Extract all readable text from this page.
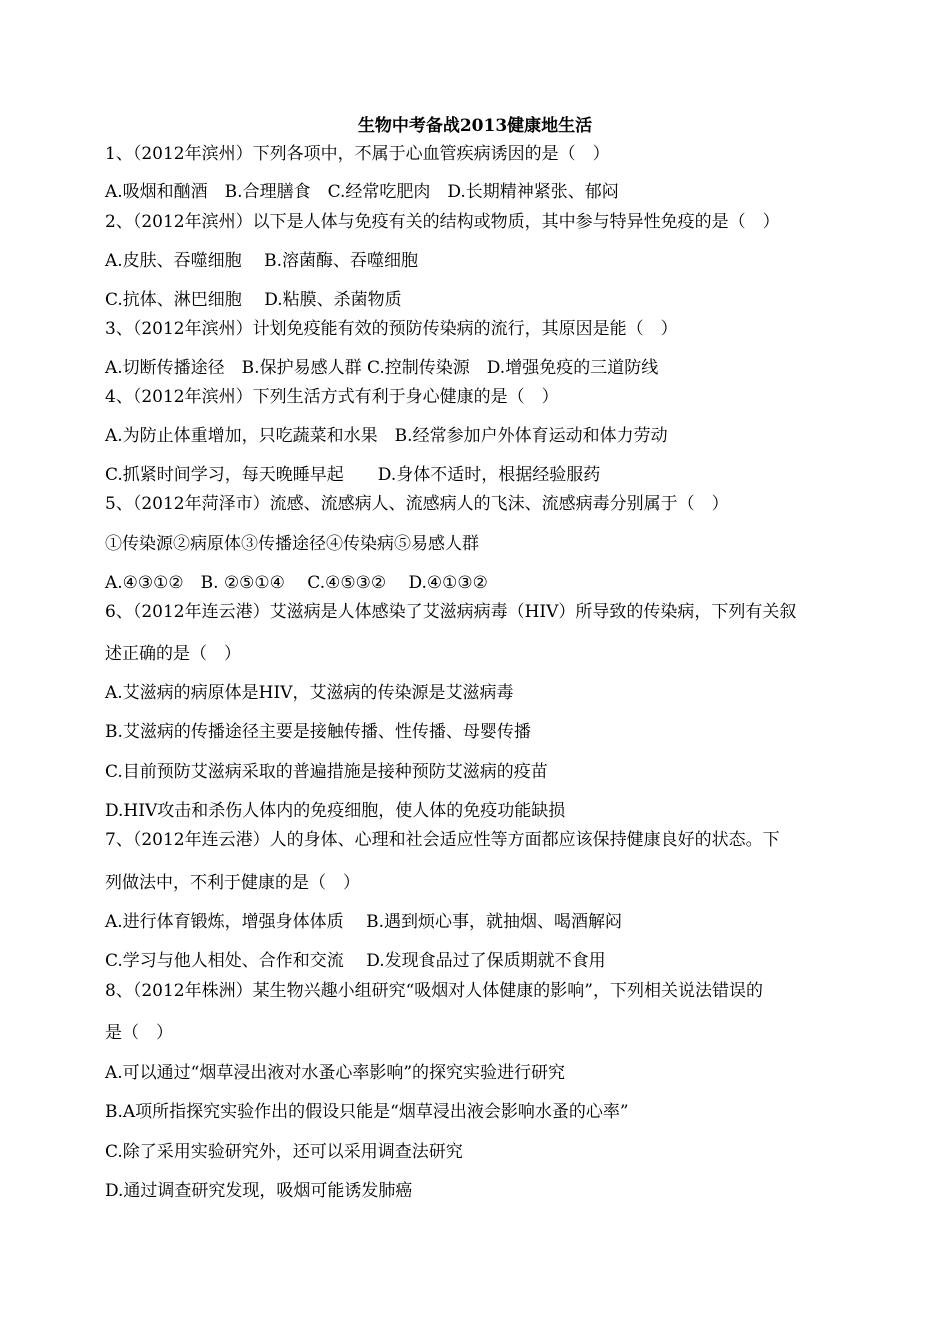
生物中考备战2013健康地生活
1、（2012年滨州）下列各项中，不属于心血管疾病诱因的是（　）
A.吸烟和酗酒　B.合理膳食　C.经常吃肥肉　D.长期精神紧张、郁闷
2、（2012年滨州）以下是人体与免疫有关的结构或物质，其中参与特异性免疫的是（　）
A.皮肤、吞噬细胞　 B.溶菌酶、吞噬细胞
C.抗体、淋巴细胞　 D.粘膜、杀菌物质
3、（2012年滨州）计划免疫能有效的预防传染病的流行，其原因是能（　）
A.切断传播途径　B.保护易感人群 C.控制传染源　D.增强免疫的三道防线
4、（2012年滨州）下列生活方式有利于身心健康的是（　）
A.为防止体重增加，只吃蔬菜和水果　B.经常参加户外体育运动和体力劳动
C.抓紧时间学习，每天晚睡早起　　D.身体不适时，根据经验服药
5、（2012年菏泽市）流感、流感病人、流感病人的飞沫、流感病毒分别属于（　）
①传染源②病原体③传播途径④传染病⑤易感人群
A.④③①②　B. ②⑤①④　 C.④⑤③②　 D.④①③②
6、（2012年连云港）艾滋病是人体感染了艾滋病病毒（HIV）所导致的传染病，下列有关叙
述正确的是（　）
A.艾滋病的病原体是HIV，艾滋病的传染源是艾滋病毒
B.艾滋病的传播途径主要是接触传播、性传播、母婴传播
C.目前预防艾滋病采取的普遍措施是接种预防艾滋病的疫苗
D.HIV攻击和杀伤人体内的免疫细胞，使人体的免疫功能缺损
7、（2012年连云港）人的身体、心理和社会适应性等方面都应该保持健康良好的状态。下
列做法中，不利于健康的是（　）
A.进行体育锻炼，增强身体体质　 B.遇到烦心事，就抽烟、喝酒解闷
C.学习与他人相处、合作和交流　 D.发现食品过了保质期就不食用
8、（2012年株洲）某生物兴趣小组研究“吸烟对人体健康的影响”，下列相关说法错误的
是（　）
A.可以通过“烟草浸出液对水蚤心率影响”的探究实验进行研究
B.A项所指探究实验作出的假设只能是“烟草浸出液会影响水蚤的心率”
C.除了采用实验研究外，还可以采用调查法研究
D.通过调查研究发现，吸烟可能诱发肺癌
